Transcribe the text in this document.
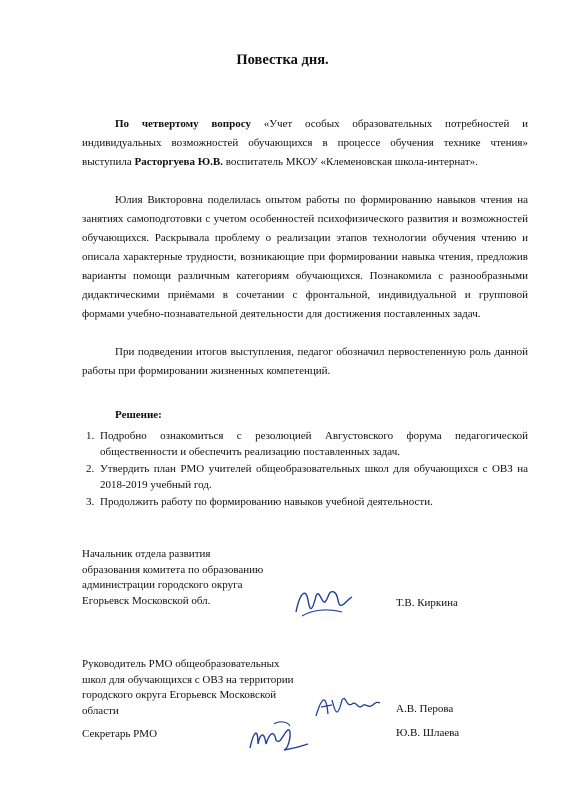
Повестка дня.

По четвертому вопросу «Учет особых образовательных потребностей и индивидуальных возможностей обучающихся в процессе обучения технике чтения» выступила Расторгуева Ю.В. воспитатель МКОУ «Клеменовская школа-интернат».

Юлия Викторовна поделилась опытом работы по формированию навыков чтения на занятиях самоподготовки с учетом особенностей психофизического развития и возможностей обучающихся. Раскрывала проблему о реализации этапов технологии обучения чтению и описала характерные трудности, возникающие при формировании навыка чтения, предложив варианты помощи различным категориям обучающихся. Познакомила с разнообразными дидактическими приёмами в сочетании с фронтальной, индивидуальной и групповой формами учебно-познавательной деятельности для достижения поставленных задач.

При подведении итогов выступления, педагог обозначил первостепенную роль данной работы при формировании жизненных компетенций.

Решение:
1. Подробно ознакомиться с резолюцией Августовского форума педагогической общественности и обеспечить реализацию поставленных задач.
2. Утвердить план РМО учителей общеобразовательных школ для обучающихся с ОВЗ на 2018-2019 учебный год.
3. Продолжить работу по формированию навыков учебной деятельности.
Начальник отдела развития
образования комитета по образованию
администрации городского округа
Егорьевск Московской обл.	Т.В. Киркина
Руководитель РМО общеобразовательных
школ для обучающихся с ОВЗ на территории
городского округа Егорьевск Московской
области	А.В. Перова
Секретарь РМО	Ю.В. Шлаева
